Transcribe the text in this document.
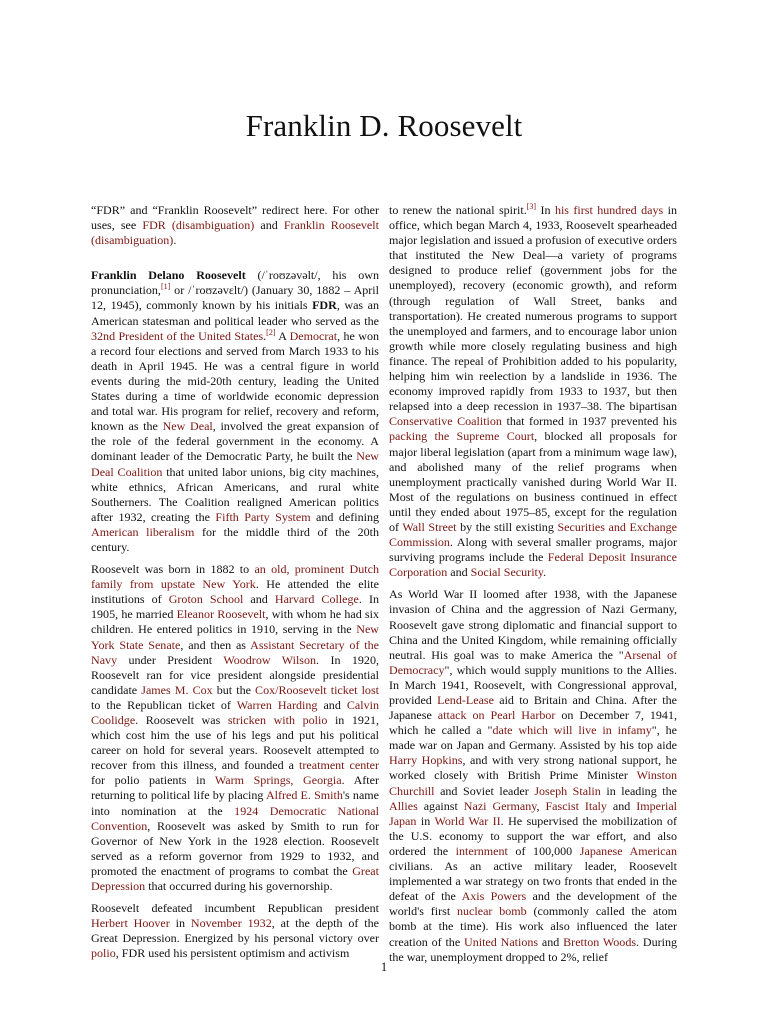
Franklin D. Roosevelt

“FDR” and “Franklin Roosevelt” redirect here. For other uses, see FDR (disambiguation) and Franklin Roosevelt (disambiguation).

Franklin Delano Roosevelt (/ˈroʊzəvəlt/, his own pronunciation,[1] or /ˈroʊzəvɛlt/) (January 30, 1882 – April 12, 1945), commonly known by his initials FDR, was an American statesman and political leader who served as the 32nd President of the United States.[2] A Democrat, he won a record four elections and served from March 1933 to his death in April 1945. He was a central figure in world events during the mid-20th century, leading the United States during a time of worldwide economic depression and total war. His program for relief, recovery and reform, known as the New Deal, involved the great expansion of the role of the federal government in the economy. A dominant leader of the Democratic Party, he built the New Deal Coalition that united labor unions, big city machines, white ethnics, African Americans, and rural white Southerners. The Coalition realigned American politics after 1932, creating the Fifth Party System and defining American liberalism for the middle third of the 20th century.

Roosevelt was born in 1882 to an old, prominent Dutch family from upstate New York. He attended the elite institutions of Groton School and Harvard College. In 1905, he married Eleanor Roosevelt, with whom he had six children. He entered politics in 1910, serving in the New York State Senate, and then as Assistant Secretary of the Navy under President Woodrow Wilson. In 1920, Roosevelt ran for vice president alongside presidential candidate James M. Cox but the Cox/Roosevelt ticket lost to the Republican ticket of Warren Harding and Calvin Coolidge. Roosevelt was stricken with polio in 1921, which cost him the use of his legs and put his political career on hold for several years. Roosevelt attempted to recover from this illness, and founded a treatment center for polio patients in Warm Springs, Georgia. After returning to political life by placing Alfred E. Smith's name into nomination at the 1924 Democratic National Convention, Roosevelt was asked by Smith to run for Governor of New York in the 1928 election. Roosevelt served as a reform governor from 1929 to 1932, and promoted the enactment of programs to combat the Great Depression that occurred during his governorship.

Roosevelt defeated incumbent Republican president Herbert Hoover in November 1932, at the depth of the Great Depression. Energized by his personal victory over polio, FDR used his persistent optimism and activism

to renew the national spirit.[3] In his first hundred days in office, which began March 4, 1933, Roosevelt spearheaded major legislation and issued a profusion of executive orders that instituted the New Deal—a variety of programs designed to produce relief (government jobs for the unemployed), recovery (economic growth), and reform (through regulation of Wall Street, banks and transportation). He created numerous programs to support the unemployed and farmers, and to encourage labor union growth while more closely regulating business and high finance. The repeal of Prohibition added to his popularity, helping him win reelection by a landslide in 1936. The economy improved rapidly from 1933 to 1937, but then relapsed into a deep recession in 1937–38. The bipartisan Conservative Coalition that formed in 1937 prevented his packing the Supreme Court, blocked all proposals for major liberal legislation (apart from a minimum wage law), and abolished many of the relief programs when unemployment practically vanished during World War II. Most of the regulations on business continued in effect until they ended about 1975–85, except for the regulation of Wall Street by the still existing Securities and Exchange Commission. Along with several smaller programs, major surviving programs include the Federal Deposit Insurance Corporation and Social Security.

As World War II loomed after 1938, with the Japanese invasion of China and the aggression of Nazi Germany, Roosevelt gave strong diplomatic and financial support to China and the United Kingdom, while remaining officially neutral. His goal was to make America the "Arsenal of Democracy", which would supply munitions to the Allies. In March 1941, Roosevelt, with Congressional approval, provided Lend-Lease aid to Britain and China. After the Japanese attack on Pearl Harbor on December 7, 1941, which he called a "date which will live in infamy", he made war on Japan and Germany. Assisted by his top aide Harry Hopkins, and with very strong national support, he worked closely with British Prime Minister Winston Churchill and Soviet leader Joseph Stalin in leading the Allies against Nazi Germany, Fascist Italy and Imperial Japan in World War II. He supervised the mobilization of the U.S. economy to support the war effort, and also ordered the internment of 100,000 Japanese American civilians. As an active military leader, Roosevelt implemented a war strategy on two fronts that ended in the defeat of the Axis Powers and the development of the world's first nuclear bomb (commonly called the atom bomb at the time). His work also influenced the later creation of the United Nations and Bretton Woods. During the war, unemployment dropped to 2%, relief

1
